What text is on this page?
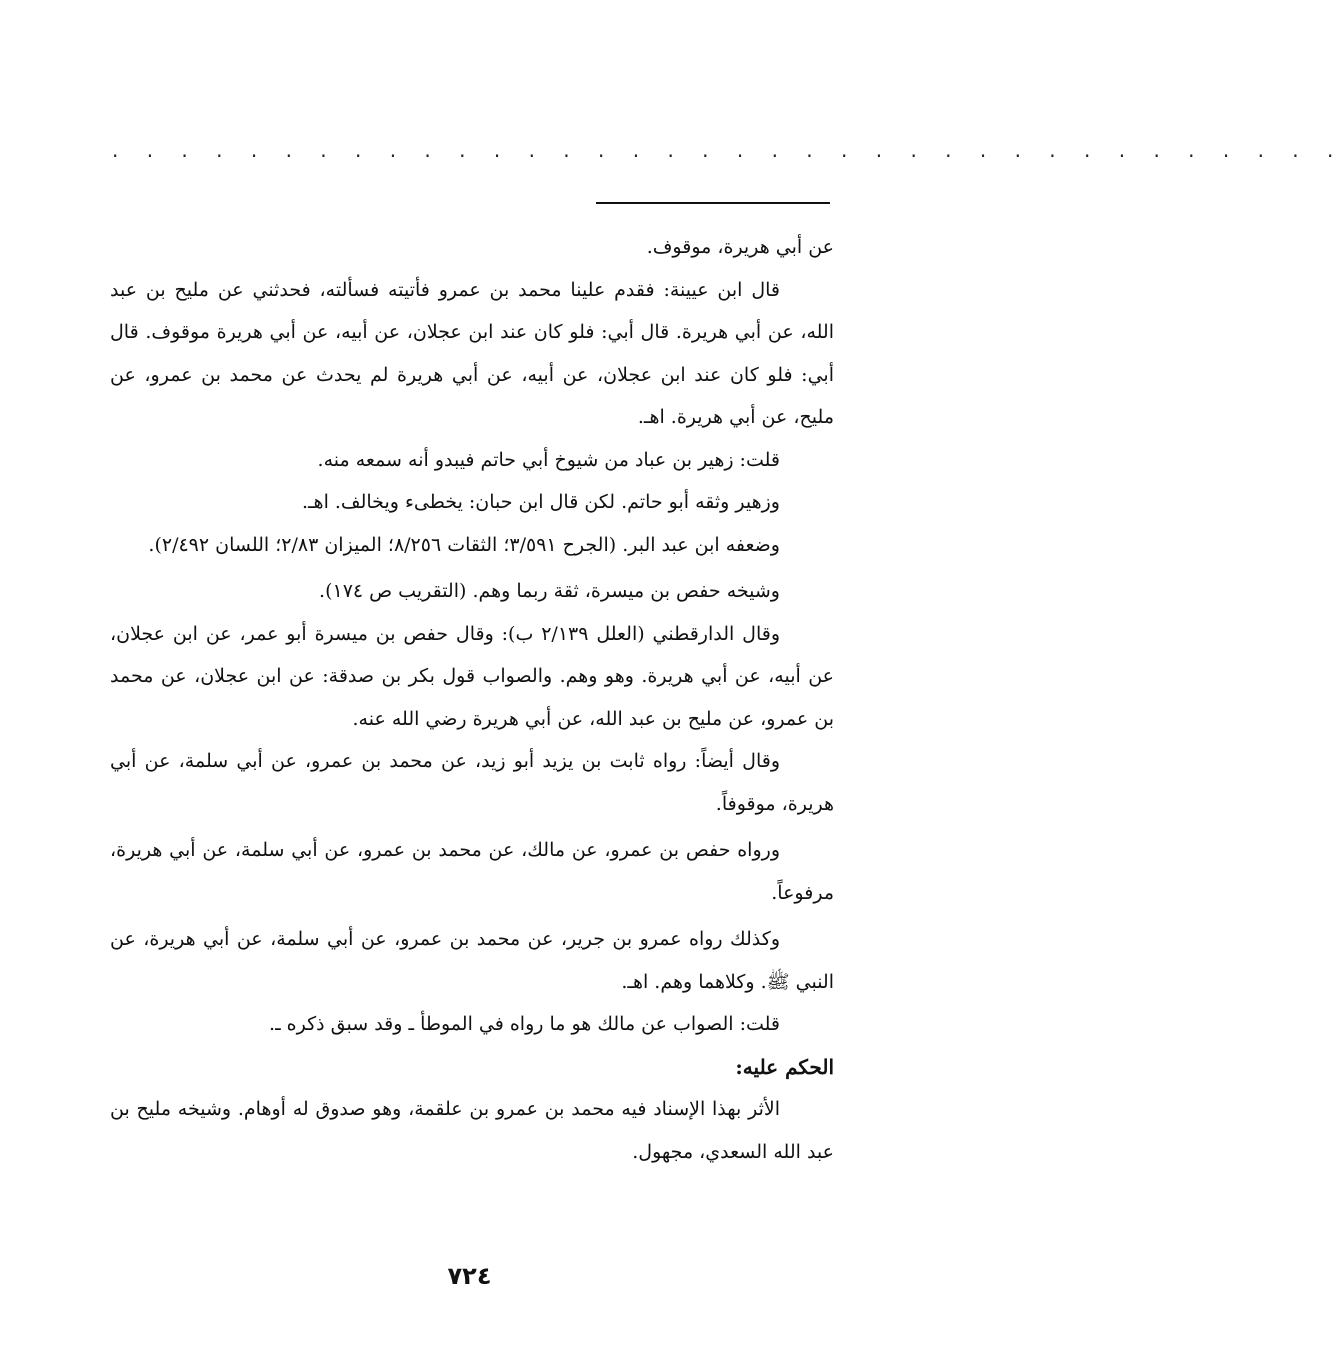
. . . . . . . . . . . . . . . . . . . . . . . . . . . . . . . . . . . .

عن أبي هريرة، موقوف.

قال ابن عيينة: فقدم علينا محمد بن عمرو فأتيته فسألته، فحدثني عن مليح بن عبد الله، عن أبي هريرة. قال أبي: فلو كان عند ابن عجلان، عن أبيه، عن أبي هريرة موقوف. قال أبي: فلو كان عند ابن عجلان، عن أبيه، عن أبي هريرة لم يحدث عن محمد بن عمرو، عن مليح، عن أبي هريرة. اهـ.

قلت: زهير بن عباد من شيوخ أبي حاتم فيبدو أنه سمعه منه.

وزهير وثقه أبو حاتم. لكن قال ابن حبان: يخطىء ويخالف. اهـ.

وضعفه ابن عبد البر. (الجرح ٣/٥٩١؛ الثقات ٨/٢٥٦؛ الميزان ٢/٨٣؛ اللسان ٢/٤٩٢).

وشيخه حفص بن ميسرة، ثقة ربما وهم. (التقريب ص ١٧٤).

وقال الدارقطني (العلل ٢/١٣٩ ب): وقال حفص بن ميسرة أبو عمر، عن ابن عجلان، عن أبيه، عن أبي هريرة. وهو وهم. والصواب قول بكر بن صدقة: عن ابن عجلان، عن محمد بن عمرو، عن مليح بن عبد الله، عن أبي هريرة رضي الله عنه.

وقال أيضاً: رواه ثابت بن يزيد أبو زيد، عن محمد بن عمرو، عن أبي سلمة، عن أبي هريرة، موقوفاً.

ورواه حفص بن عمرو، عن مالك، عن محمد بن عمرو، عن أبي سلمة، عن أبي هريرة، مرفوعاً.

وكذلك رواه عمرو بن جرير، عن محمد بن عمرو، عن أبي سلمة، عن أبي هريرة، عن النبي ﷺ. وكلاهما وهم. اهـ.

قلت: الصواب عن مالك هو ما رواه في الموطأ ـ وقد سبق ذكره ـ.

الحكم عليه:

الأثر بهذا الإسناد فيه محمد بن عمرو بن علقمة، وهو صدوق له أوهام. وشيخه مليح بن عبد الله السعدي، مجهول.

٧٢٤
